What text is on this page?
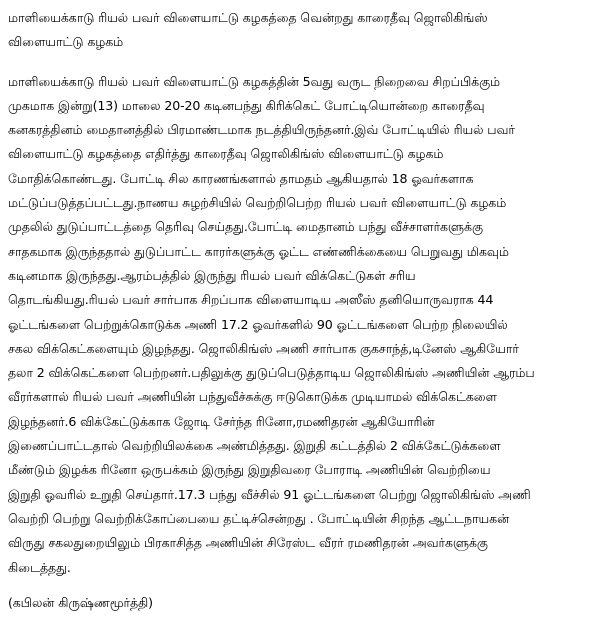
மாளியைக்காடு ரியல் பவர் விளையாட்டு கழகத்தை வென்றது காரைதீவு ஜொலிகிங்ஸ்
விளையாட்டு கழகம்
மாளியைக்காடு ரியல் பவர் விளையாட்டு கழகத்தின் 5வது வருட நிறைவை சிறப்பிக்கும்
முகமாக இன்று(13) மாலை 20-20 கடினபந்து கிரிக்கெட் போட்டியொன்றை காரைதீவு
கனகரத்தினம் மைதானத்தில் பிரமாண்டமாக நடத்தியிருந்தனர்.இவ் போட்டியில் ரியல் பவர்
விளையாட்டு கழகத்தை எதிர்த்து காரைதீவு ஜொலிகிங்ஸ் விளையாட்டு கழகம்
மோதிக்கொண்டது. போட்டி சில காரணங்களால் தாமதம் ஆகியதால் 18 ஓவர்களாக
மட்டுப்படுத்தப்பட்டது.நாணய சுழற்சியில் வெற்றிபெற்ற ரியல் பவர் விளையாட்டு கழகம்
முதலில் துடுப்பாட்டத்தை தெரிவு செய்தது.போட்டி மைதானம் பந்து வீச்சாளர்களுக்கு
சாதகமாக இருந்ததால் துடுப்பாட்ட காரர்களுக்கு ஓட்ட எண்ணிக்கையை பெறுவது மிகவும்
கடினமாக இருந்தது.ஆரம்பத்தில் இருந்து ரியல் பவர் விக்கெட்டுகள் சரிய
தொடங்கியது.ரியல் பவர் சார்பாக சிறப்பாக விளையாடிய அஸீஸ் தனியொருவராக 44
ஓட்டங்களை பெற்றுக்கொடுக்க அணி 17.2 ஓவர்களில் 90 ஓட்டங்களை பெற்ற நிலையில்
சகல விக்கெட்களையும் இழந்தது. ஜொலிகிங்ஸ் அணி சார்பாக குகசாந்த்,டினேஸ் ஆகியோர்
தலா 2 விக்கெட்களை பெற்றனர்.பதிலுக்கு துடுப்பெடுத்தாடிய ஜொலிகிங்ஸ் அணியின் ஆரம்ப
வீரர்களால் ரியல் பவர் அணியின் பந்துவீச்சுக்கு ஈடுகொடுக்க முடியாமல் விக்கெட்களை
இழந்தனர்.6 விக்கேட்டுக்காக ஜோடி சேர்ந்த ரினோ,ரமணிதரன் ஆகியோரின்
இணைப்பாட்டதால் வெற்றியிலக்கை அண்மித்தது. இறுதி கட்டத்தில் 2 விக்கேட்டுக்களை
மீண்டும் இழக்க ரினோ ஒருபக்கம் இருந்து இறுதிவரை போராடி அணியின் வெற்றியை
இறுதி ஓவரில் உறுதி செய்தார்.17.3 பந்து வீச்சில் 91 ஓட்டங்களை பெற்று ஜொலிகிங்ஸ் அணி
வெற்றி பெற்று வெற்றிக்கோப்பையை தட்டிச்சென்றது . போட்டியின் சிறந்த ஆட்டநாயகன்
விருது சகலதுறையிலும் பிரகாசித்த அணியின் சிரேஸ்ட வீரர் ரமணிதரன் அவர்களுக்கு
கிடைத்தது.
(கபிலன் கிருஷ்ணமூர்த்தி)
